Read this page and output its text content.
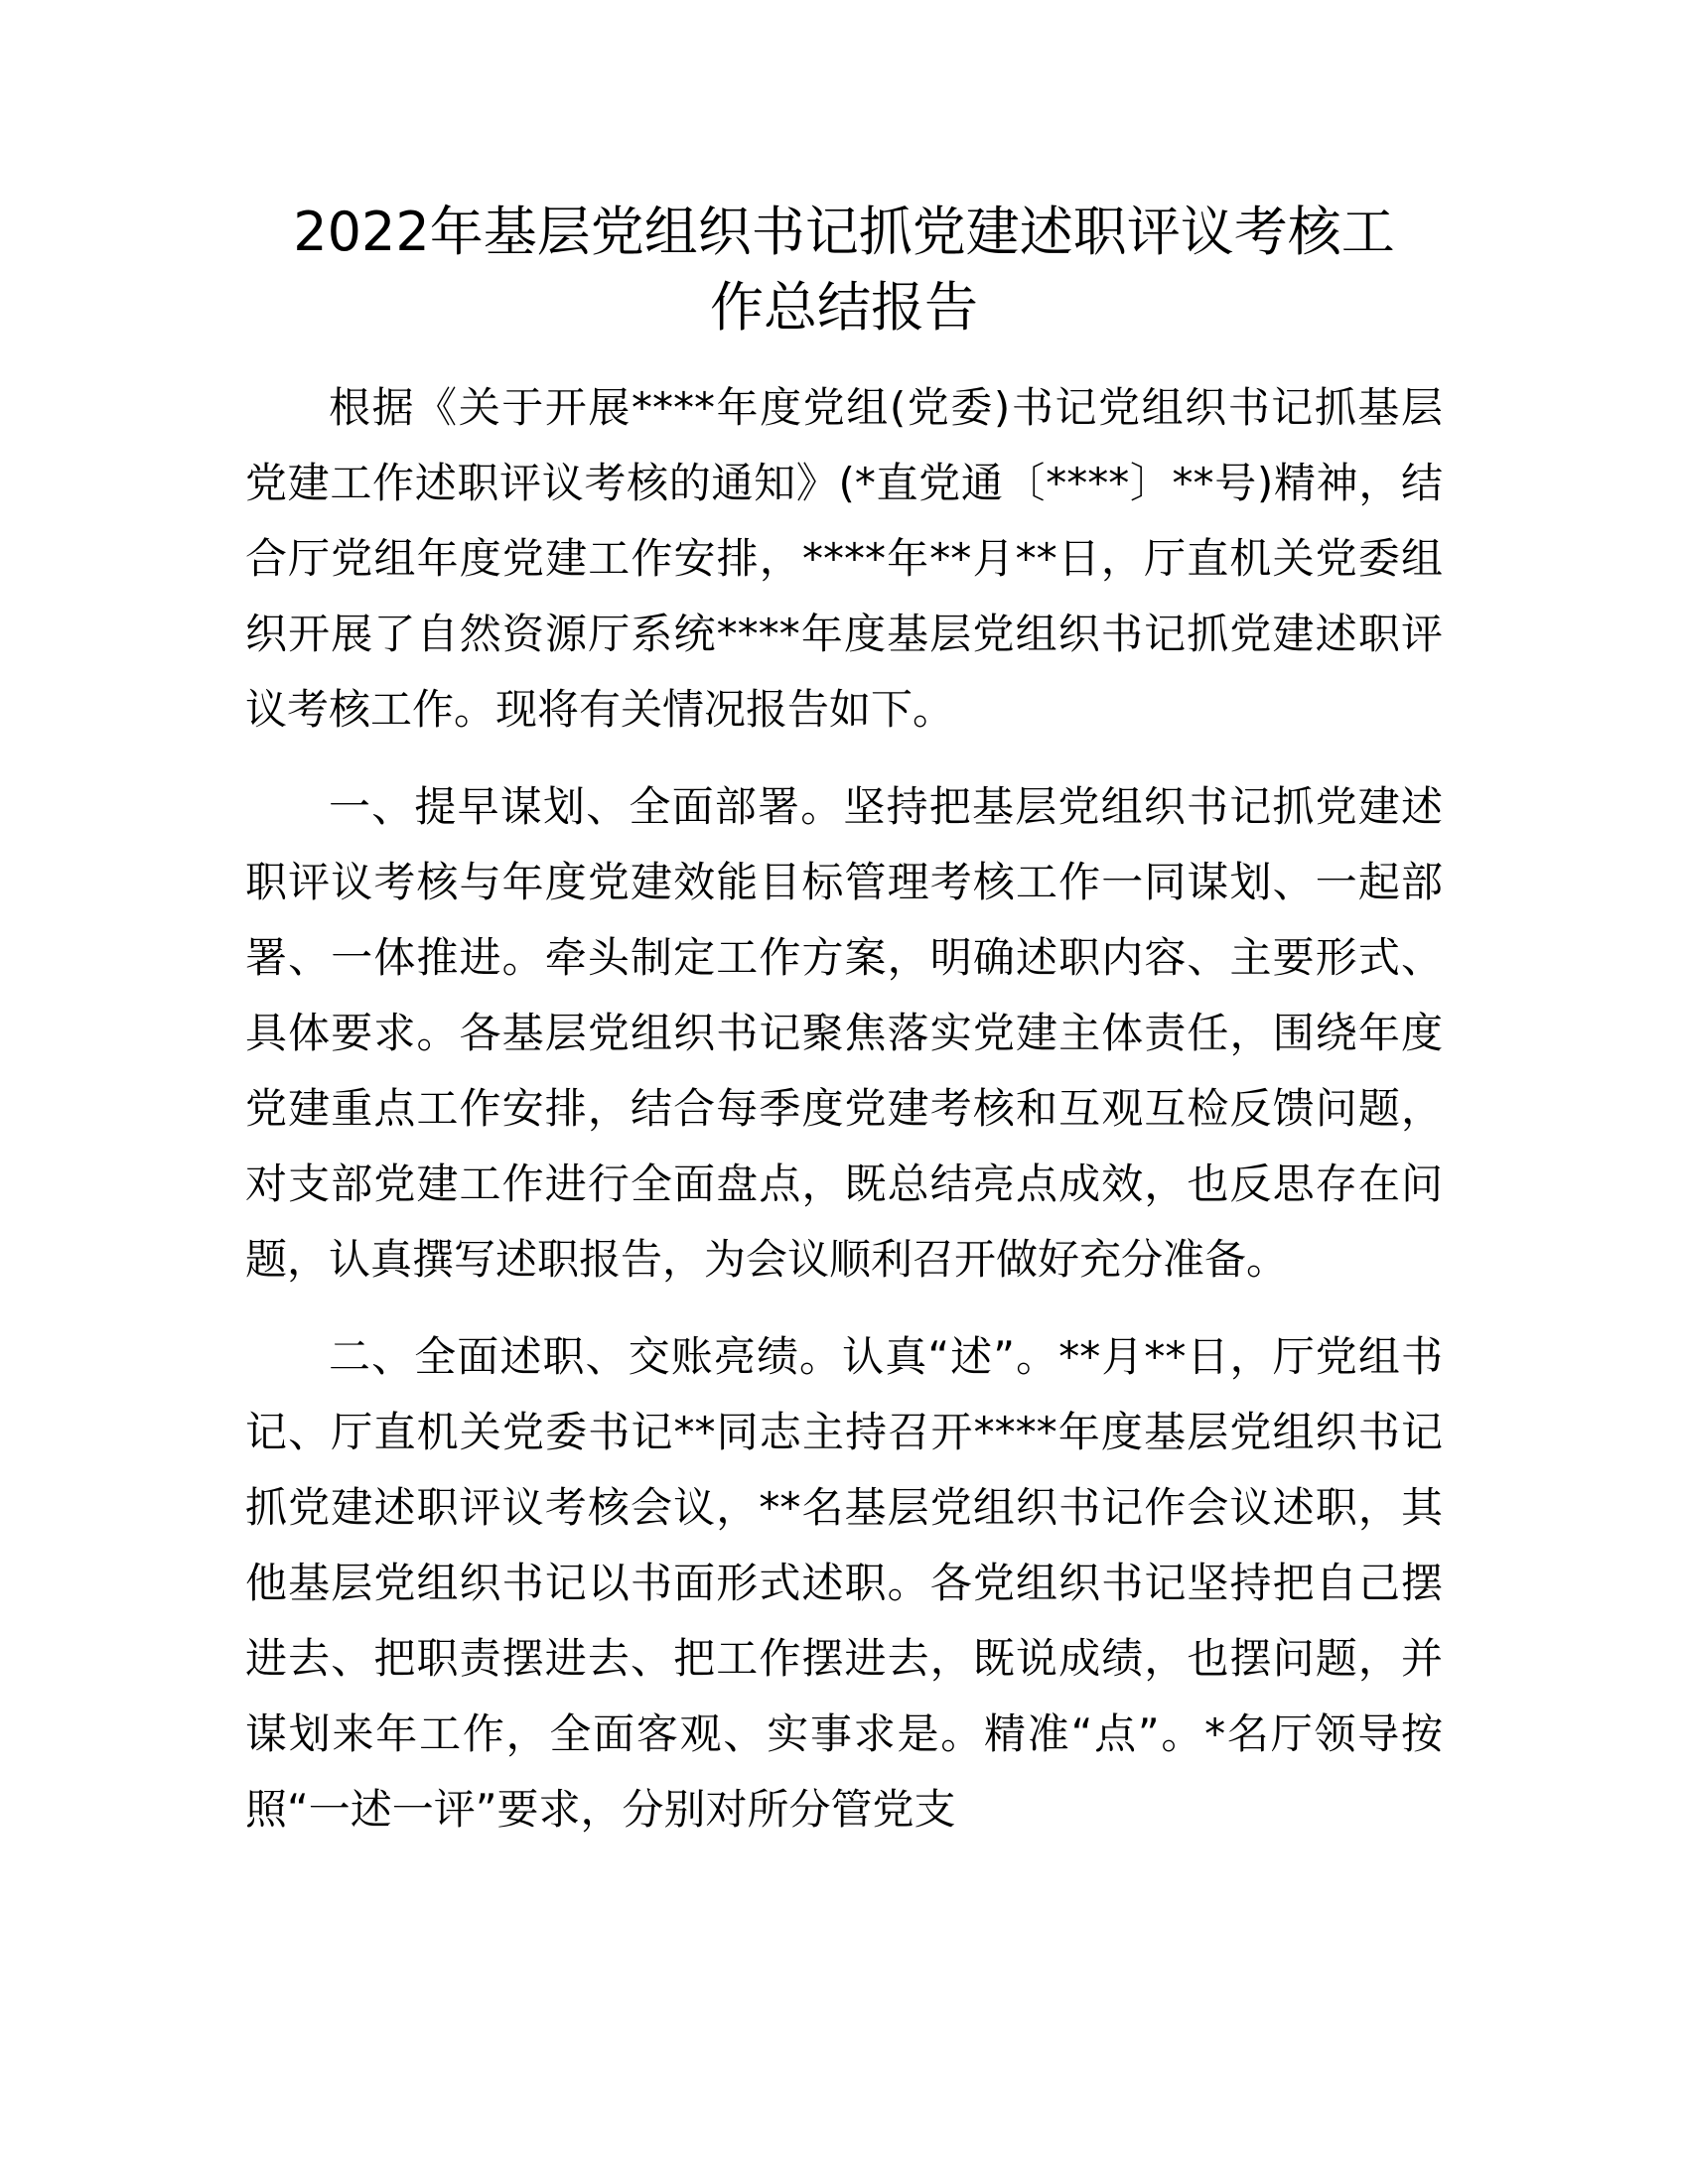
2022年基层党组织书记抓党建述职评议考核工
作总结报告

根据《关于开展****年度党组(党委)书记党组织书记抓基层党建工作述职评议考核的通知》(*直党通〔****〕**号)精神，结合厅党组年度党建工作安排，****年**月**日，厅直机关党委组织开展了自然资源厅系统****年度基层党组织书记抓党建述职评议考核工作。现将有关情况报告如下。

一、提早谋划、全面部署。坚持把基层党组织书记抓党建述职评议考核与年度党建效能目标管理考核工作一同谋划、一起部署、一体推进。牵头制定工作方案，明确述职内容、主要形式、具体要求。各基层党组织书记聚焦落实党建主体责任，围绕年度党建重点工作安排，结合每季度党建考核和互观互检反馈问题，对支部党建工作进行全面盘点，既总结亮点成效，也反思存在问题，认真撰写述职报告，为会议顺利召开做好充分准备。

二、全面述职、交账亮绩。认真“述”。**月**日，厅党组书记、厅直机关党委书记**同志主持召开****年度基层党组织书记抓党建述职评议考核会议，**名基层党组织书记作会议述职，其他基层党组织书记以书面形式述职。各党组织书记坚持把自己摆进去、把职责摆进去、把工作摆进去，既说成绩，也摆问题，并谋划来年工作，全面客观、实事求是。精准“点”。*名厅领导按照“一述一评”要求，分别对所分管党支
